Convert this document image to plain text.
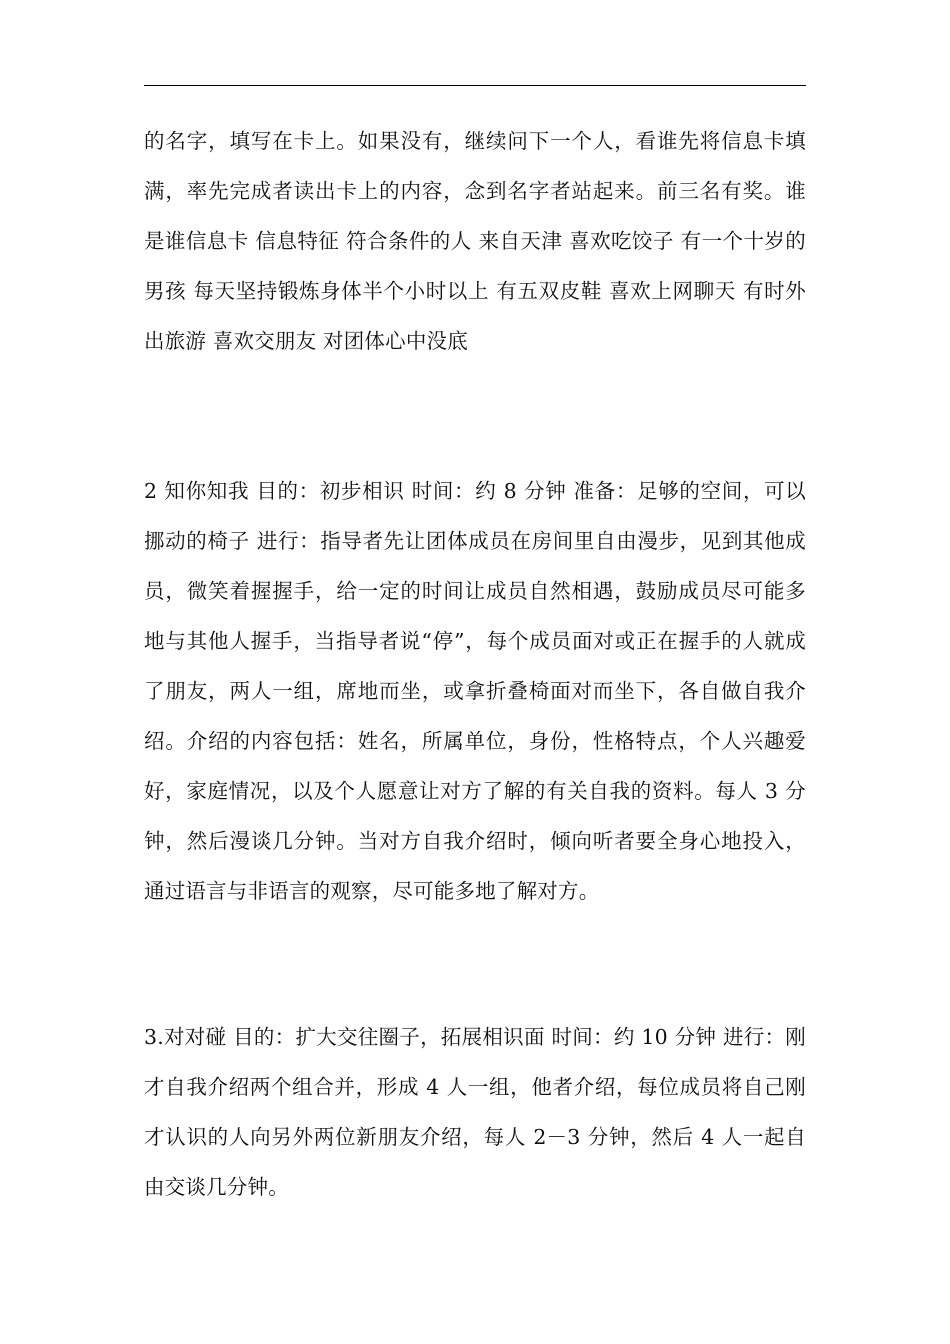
的名字，填写在卡上。如果没有，继续问下一个人，看谁先将信息卡填满，率先完成者读出卡上的内容，念到名字者站起来。前三名有奖。谁是谁信息卡 信息特征 符合条件的人 来自天津 喜欢吃饺子 有一个十岁的男孩 每天坚持锻炼身体半个小时以上 有五双皮鞋 喜欢上网聊天 有时外出旅游 喜欢交朋友 对团体心中没底

2 知你知我 目的：初步相识 时间：约 8 分钟 准备：足够的空间，可以挪动的椅子 进行：指导者先让团体成员在房间里自由漫步，见到其他成员，微笑着握握手，给一定的时间让成员自然相遇，鼓励成员尽可能多地与其他人握手，当指导者说“停”，每个成员面对或正在握手的人就成了朋友，两人一组，席地而坐，或拿折叠椅面对而坐下，各自做自我介绍。介绍的内容包括：姓名，所属单位，身份，性格特点，个人兴趣爱好，家庭情况，以及个人愿意让对方了解的有关自我的资料。每人 3 分钟，然后漫谈几分钟。当对方自我介绍时，倾向听者要全身心地投入，通过语言与非语言的观察，尽可能多地了解对方。

3.对对碰 目的：扩大交往圈子，拓展相识面 时间：约 10 分钟 进行：刚才自我介绍两个组合并，形成 4 人一组，他者介绍，每位成员将自己刚才认识的人向另外两位新朋友介绍，每人 2－3 分钟，然后 4 人一起自由交谈几分钟。
